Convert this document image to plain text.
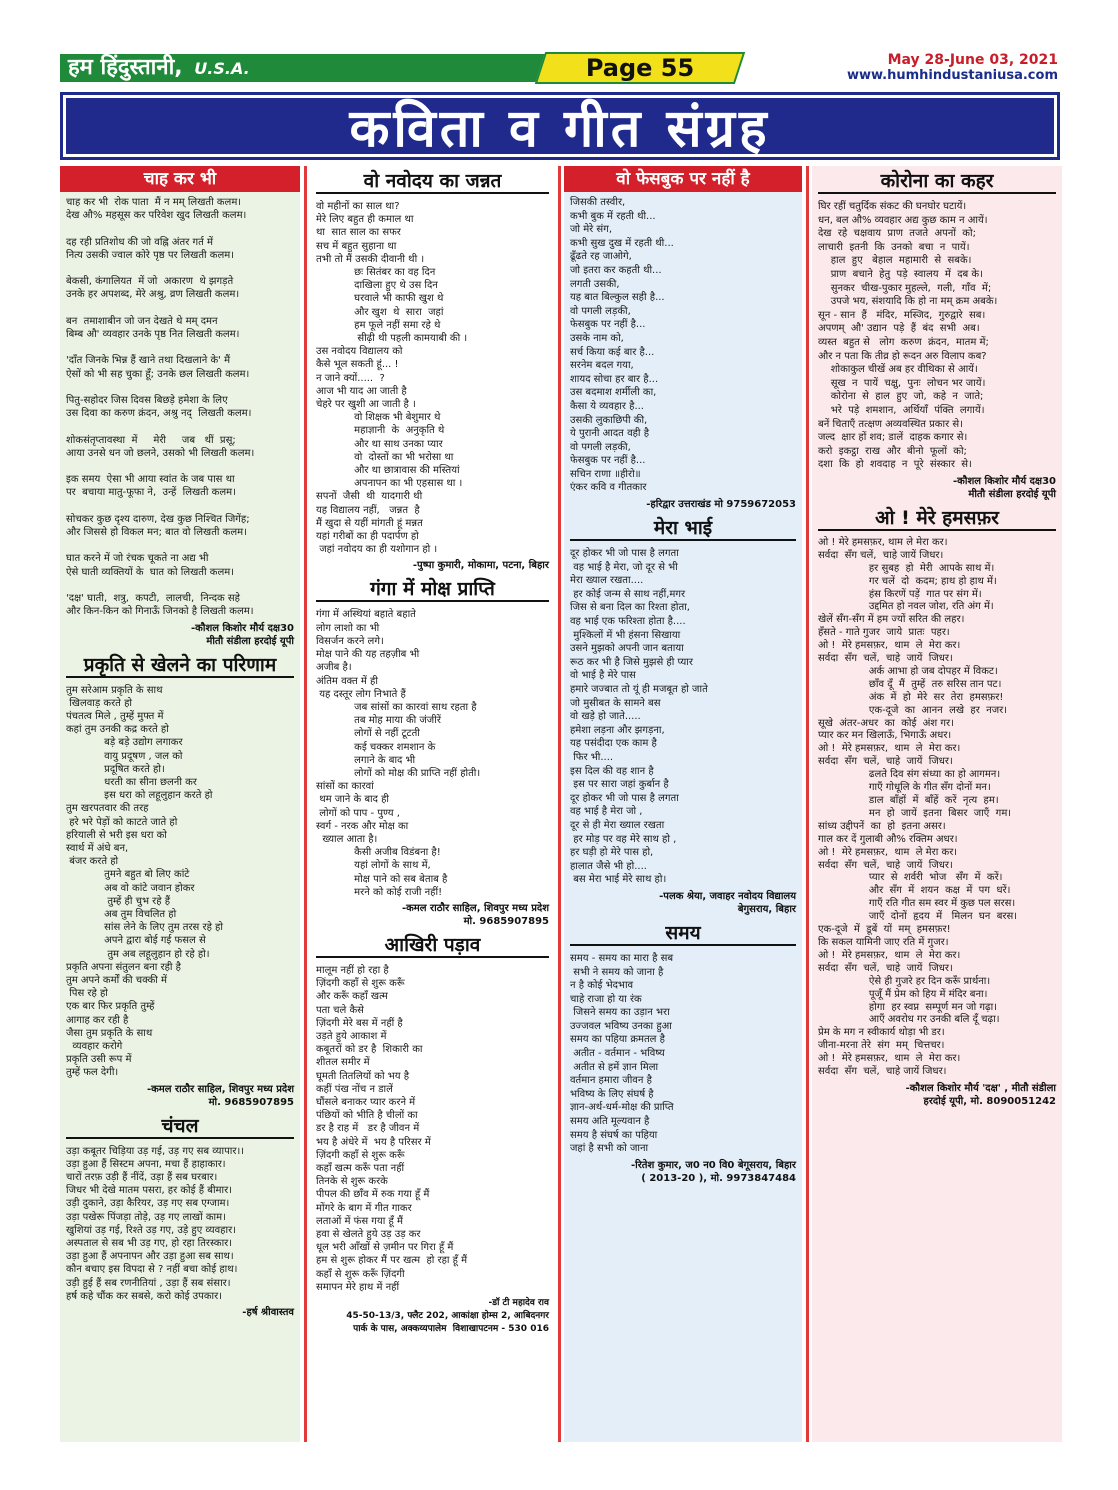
हम हिंदुस्तानी, U.S.A.	Page 55	May 28-June 03, 2021
www.humhindustaniusa.com
कविता व गीत संग्रह
चाह कर भी
चाह कर भी  रोक पाता  मैं न मम् लिखती कलम।
देख औ% महसूस कर परिवेश खुद लिखती कलम।

दह रही प्रतिशोध की जो वह्नि अंतर गर्त में
नित्य उसकी ज्वाल कोरे पृष्ठ पर लिखती कलम।

बेकसी, कंगालियत  में जो  अकारण  थे झगड़ते
उनके हर अपशब्द, मेरे अश्रु, व्रण लिखती कलम।

बन  तमाशाबीन जो जन देखते थे मम् दमन
बिम्ब औ' व्यवहार उनके पृष्ठ नित लिखती कलम।

'दाँत जिनके भिन्न हैं खाने तथा दिखलाने के' मैं
ऐसों को भी सह चुका हूँ; उनके छल लिखती कलम।

पितु-सहोदर जिस दिवस बिछड़े हमेशा के लिए
उस दिवा का करुण क्रंदन, अश्रु नद्  लिखती कलम।

शोकसंतृप्तावस्था  में     मेरी     जब   थीं  प्रसू;
आया उनसे धन जो छलने, उसको भी लिखती कलम।

इक समय  ऐसा भी आया स्वांत के जब पास था
पर  बचाया मातु-फूफा ने,  उन्हें  लिखती कलम।

सोचकर कुछ दृश्य दारुण, देख कुछ निश्चित जिगेंह;
और जिससे हो विकल मन; बात वो लिखती कलम।

घात करने में जो रंचक चूकते ना अद्य भी
ऐसे घाती व्यक्तियों के  घात को लिखती कलम।

'दक्ष' घाती,  शत्रु,  कपटी,  लालची,  निन्दक सहे
और किन-किन को गिनाऊँ जिनको है लिखती कलम।
-कौशल किशोर मौर्य दक्ष30
मीतौ संडीला हरदोई यूपी
प्रकृति से खेलने का परिणाम
तुम सरेआम प्रकृति के साथ
खिलवाड़ करते हो
पंचतत्व मिले , तुम्हें मुफ्त में
कहां तुम उनकी कद्र करते हो
बड़े बड़े उद्योग लगाकर
वायु प्रदूषण , जल को
प्रदूषित करते हो।
धरती का सीना छलनी कर
इस धरा को लहूलुहान करते हो
तुम खरपतवार की तरह
हरे भरे पेड़ों को काटते जाते हो
हरियाली से भरी इस धरा को
स्वार्थ में अंधे बन,
बंजर करते हो
तुमने बहुत बो लिए कांटे
अब वो कांटे जवान होकर
तुम्हें ही चुभ रहे हैं
अब तुम विचलित हो
सांस लेने के लिए तुम तरस रहे हो
अपने द्वारा बोई गई फसल से
तुम अब लहूलुहान हो रहे हो।
प्रकृति अपना संतुलन बना रही है
तुम अपने कर्मों की चक्की में
पिस रहे हो
एक बार फिर प्रकृति तुम्हें
आगाह कर रही है
जैसा तुम प्रकृति के साथ
व्यवहार करोगे
प्रकृति उसी रूप में
तुम्हें फल देगी।
-कमल राठौर साहिल, शिवपुर मध्य प्रदेश
मो. 9685907895
चंचल
उड़ा कबूतर चिड़िया उड़ गई, उड़ गए सब व्यापार।।
उड़ा हुआ हैं सिस्टम अपना, मचा हैं हाहाकार।
चारों तरफ़ उड़ी हैं नींदें, उड़ा हैं सब घरबार।
जिधर भी देखे मातम पसरा, हर कोई हैं बीमार।
उड़ी दुकाने, उड़ा कैरियर, उड़ गए सब एग्जाम।
उड़ा पखेरू पिंजड़ा तोड़े, उड़ गए लाखों काम।
खुशियां उड़ गई, रिश्ते उड़ गए, उड़े हुए व्यवहार।
अस्पताल से सब भी उड़ गए, हो रहा तिरस्कार।
उड़ा हुआ हैं अपनापन और उड़ा हुआ सब साथ।
कौन बचाए इस विपदा से ? नहीं बचा कोई हाथ।
उड़ी हुई हैं सब रणनीतियां , उड़ा हैं सब संसार।
हर्ष कहे चौंक कर सबसे, करो कोई उपकार।
-हर्ष श्रीवास्तव
वो नवोदय का जन्नत
वो महीनों का साल था?
मेरे लिए बहुत ही कमाल था
था  सात साल का सफर
सच में बहुत सुहाना था
तभी तो मैं उसकी दीवानी थी ।
छः सितंबर का वह दिन
दाखिला हुए थे उस दिन
घरवाले भी काफी खुश थे
और खुश  थे  सारा  जहां
हम फूले नहीं समा रहे थे
सीढ़ी थी पहली कामयाबी की ।
उस नवोदय विद्यालय को
कैसे भूल सकती हूं... !
न जाने क्यों.....  ?
आज भी याद आ जाती है
चेहरे पर खुशी आ जाती है ।
वो शिक्षक भी बेशुमार थे
महाज्ञानी  के  अनुकृति थे
और था साथ उनका प्यार
वो  दोस्तों का भी भरोसा था
और था छात्रावास की मस्तियां
अपनापन का भी एहसास था ।
सपनों  जैसी  थी  यादगारी थी
यह विद्यालय नहीं,   जन्नत  है
मैं खुदा से यहीं मांगती हूं मन्नत
यहां गरीबों का ही पदार्पण हो
जहां नवोदय का ही यशोगान हो ।
-पुष्पा कुमारी, मोकामा, पटना, बिहार
गंगा में मोक्ष प्राप्ति
गंगा में अस्थियां बहाते बहाते
लोग लाशो का भी
विसर्जन करने लगे।
मोक्ष पाने की यह तहज़ीब भी
अजीब है।
अंतिम वक्त में ही
यह दस्तूर लोग निभाते हैं
जब सांसों का कारवां साथ रहता है
तब मोह माया की जंजीरें
लोगों से नहीं टूटती
कई चक्कर शमशान के
लगाने के बाद भी
लोगों को मोक्ष की प्राप्ति नहीं होती।
सांसों का कारवां
थम जाने के बाद ही
लोगों को पाप - पुण्य ,
स्वर्ग - नरक और मोक्ष का
ख्याल आता है।
कैसी अजीब विडंबना है!
यहां लोगों के साथ में,
मोक्ष पाने को सब बेताब है
मरने को कोई राजी नहीं!
-कमल राठौर साहिल, शिवपुर मध्य प्रदेश
मो. 9685907895
आखिरी पड़ाव
मालूम नहीं हो रहा है
ज़िंदगी कहाँ से शुरू करूँ
और करूँ कहाँ खत्म
पता चले कैसे
ज़िंदगी मेरे बस में नहीं है
उड़ते हुये आकाश में
कबूतरों को डर है  शिकारी का
शीतल समीर में
घूमती तितलियों को भय है
कहीं पंख नोंच न डालें
घौंसले बनाकर प्यार करने में
पंछियों को भीति है चीलों का
डर है राह में   डर है जीवन में
भय है अंधेरे में  भय है परिसर में
ज़िंदगी कहाँ से शुरू करूँ
कहाँ खत्म करूँ पता नहीं
तिनके से शुरू करके
पीपल की छाँव में रुक गया हूँ मैं
मोंगरे के बाग में गीत गाकर
लताओं में फंस गया हूँ मैं
हवा से खेलते हुये उड़ उड़ कर
धूल भरी आँखों से ज़मीन पर गिरा हूँ मैं
हम से शुरू होकर मैं पर खत्म  हो रहा हूँ मैं
कहाँ से शुरू करूँ ज़िंदगी
समापन मेरे हाथ में नहीं
-डॉ टी महादेव राव
45-50-13/3, फ्लैट 202, आकांक्षा होम्स 2, आबिदनगर
पार्क के पास, अक्कय्यपालेम  विशाखापटनम - 530 016
वो फेसबुक पर नहीं है
जिसकी तस्वीर,
कभी बुक में रहती थी...
जो मेरे संग,
कभी सुख दुख में रहती थी...
ढूँढते रह जाओगे,
जो इतरा कर कहती थी...
लगती उसकी,
यह बात बिल्कुल सही है...
वो पगली लड़की,
फेसबुक पर नहीं है...
उसके नाम को,
सर्च किया कई बार है...
सरनेम बदल गया,
शायद सोचा हर बार है...
उस बदमाश शर्मीली का,
कैसा ये व्यवहार है...
उसकी लुकाछिपी की,
ये पुरानी आदत वही है
वो पगली लड़की,
फेसबुक पर नहीं है...
सचिन राणा ॥हीरो॥
एंकर कवि व गीतकार
-हरिद्वार उत्तराखंड मो 9759672053
मेरा भाई
दूर होकर भी जो पास है लगता
वह भाई है मेरा, जो दूर से भी
मेरा ख्याल रखता....
हर कोई जन्म से साथ नहीं,मगर
जिस से बना दिल का रिश्ता होता,
वह भाई एक फरिश्ता होता है....
मुश्किलों में भी हंसना सिखाया
उसने मुझको अपनी जान बताया
रूठ कर भी है जिसे मुझसे ही प्यार
वो भाई है मेरे पास
हमारे जज्बात तो यूं ही मजबूत हो जाते
जो मुसीबत के सामने बस
वो खड़े हो जाते.....
हमेशा लड़ना और झगड़ना,
यह पसंदीदा एक काम है
फिर भी....
इस दिल की वह शान है
इस पर सारा जहां कुर्बान है
दूर होकर भी जो पास है लगता
वह भाई है मेरा जो ,
दूर से ही मेरा ख्याल रखता
हर मोड़ पर वह मेरे साथ हो ,
हर घड़ी हो मेरे पास हो,
हालात जैसे भी हो....
बस मेरा भाई मेरे साथ हो।
-पलक श्रेया, जवाहर नवोदय विद्यालय
बेगुसराय, बिहार
समय
समय - समय का मारा है सब
सभी ने समय को जाना है
न है कोई भेदभाव
चाहे राजा हो या रंक
जिसने समय का उड़ान भरा
उज्जवल भविष्य उनका हुआ
समय का पहिया क्रमतल है
अतीत - वर्तमान - भविष्य
अतीत से हमें ज्ञान मिला
वर्तमान हमारा जीवन है
भविष्य के लिए संघर्ष है
ज्ञान-अर्थ-धर्म-मोक्ष की प्राप्ति
समय अति मूल्यवान है
समय है संघर्ष का पहिया
जहां है सभी को जाना
-रितेश कुमार, ज0 न0 वि0 बेगूसराय, बिहार
( 2013-20 ), मो. 9973847484
कोरोना का कहर
घिर रहीं चतुर्दिक संकट की घनघोर घटायें।
धन, बल औ% व्यवहार अद्य कुछ काम न आयें।
देख  रहे  चक्षवाय  प्राण  तजते  अपनों  को;
लाचारी  इतनी  कि  उनको  बचा  न  पायें।
हाल  हुए   बेहाल  महामारी  से  सबके।
प्राण  बचाने  हेतु  पड़े  स्वालय  में  दब के।
सुनकर  चीख-पुकार मुहल्ले,  गली,  गाँव  में;
उपजे भय, संशयादि कि हो ना मम् क्रम अबके।
सून - सान  हैं   मंदिर,  मस्जिद,  गुरुद्वारे  सब।
अपणम्  औ' उद्यान  पड़े  हैं  बंद  सभी  अब।
व्यस्त  बहुत से   लोग  करुण  क्रंदन,  मातम में;
और न पता कि तीव्र हो रूदन अरु विलाप कब?
शोकाकुल चीखें अब हर वीथिका से आयें।
सूख  न  पायें  चक्षु,  पुनः  लोचन भर जायें।
कोरोना  से  हाल  हुए  जो,  कहे  न  जाते;
भरे  पड़े  शमशान,  अर्थियाँ  पंक्ति  लगायें।
बनें चिताएँ तत्क्षण अव्यवस्थित प्रकार से।
जल्द  क्षार हों शव; डालें  दाहक कगार से।
करो  इकट्ठा  राख  और  बीनो  फूलों  को;
दशा  कि  हो  शवदाह  न  पूरे  संस्कार  से।
-कौशल किशोर मौर्य दक्ष30
मीतौ संडीला हरदोई यूपी
ओ ! मेरे हमसफ़र
ओ ! मेरे हमसफ़र, थाम ले मेरा कर।
सर्वदा  सँग चलें,  चाहे जायें जिधर।
हर सुबह  हो  मेरी  आपके साथ में।
गर चलें  दो  कदम; हाथ हो हाथ में।
हंस किरणें पड़ें  गात पर संग में।
उद्दमित हो नवल जोश, रति अंग में।
खेलें सँग-सँग में हम ज्यों सरित की लहर।
हँसते - गाते गुजर  जाये  प्रातः  पहर।
ओ !  मेरे हमसफ़र,  थाम  ले  मेरा कर।
सर्वदा  सँग  चलें,  चाहे  जायें  जिधर।
अर्क आभा हो जब दोपहर में विकट।
छाँव दूँ  मैं  तुम्हें  तरु सरिस तान पट।
अंक  में  हो  मेरे  सर  तेरा  हमसफ़र!
एक-दूजे  का  आनन  लखे  हर  नजर।
सूखे  अंतर-अधर  का  कोई  अंश गर।
प्यार कर मन खिलाऊँ, भिगाऊँ अधर।
ओ !  मेरे हमसफ़र,  थाम  ले  मेरा कर।
सर्वदा  सँग  चलें,  चाहे  जायें  जिधर।
ढलते दिव संग संध्या का हो आगमन।
गाएँ गोधूलि के गीत सँग दोनों मन।
डाल  बाँहों  में  बाँहें  करें  नृत्य  हम।
मन  हो  जायें  इतना  बिसर  जाएँ  गम।
सांध्य उद्दीपनें  का  हो  इतना असर।
गाल कर दें गुलाबी औ% रक्तिम अधर।
ओ !  मेरे हमसफ़र,  थाम  ले मेरा कर।
सर्वदा  सँग  चलें,  चाहे  जायें  जिधर।
प्यार  से  शर्वरी  भोज   सँग  में  करें।
और  सँग  में  शयन  कक्ष  में  पग  धरें।
गाएँ रति गीत सम स्वर में कुछ पल सरस।
जाएँ  दोनों  हृदय  में   मिलन  घन  बरस।
एक-दूजे  में  डूबें  यों  मम्  हमसफ़र!
कि सकल यामिनी जाए रति में गुजर।
ओ !  मेरे हमसफ़र,  थाम  ले  मेरा कर।
सर्वदा  सँग  चलें,  चाहे  जायें  जिधर।
ऐसे ही गुजरे हर दिन करूँ प्रार्थना।
पूजूँ मैं प्रेम को हिय में मंदिर बना।
होगा  हर स्वप्न  सम्पूर्ण मन जो गढ़ा।
आएँ अवरोध गर उनकी बलि दूँ चढ़ा।
प्रेम के मग न स्वीकार्य थोड़ा भी डर।
जीना-मरना तेरे  संग  मम्  चित्तचर।
ओ !  मेरे हमसफ़र,  थाम  ले  मेरा कर।
सर्वदा  सँग  चलें,  चाहे जायें जिधर।
-कौशल किशोर मौर्य 'दक्ष' , मीतौ संडीला
हरदोई यूपी, मो. 8090051242
